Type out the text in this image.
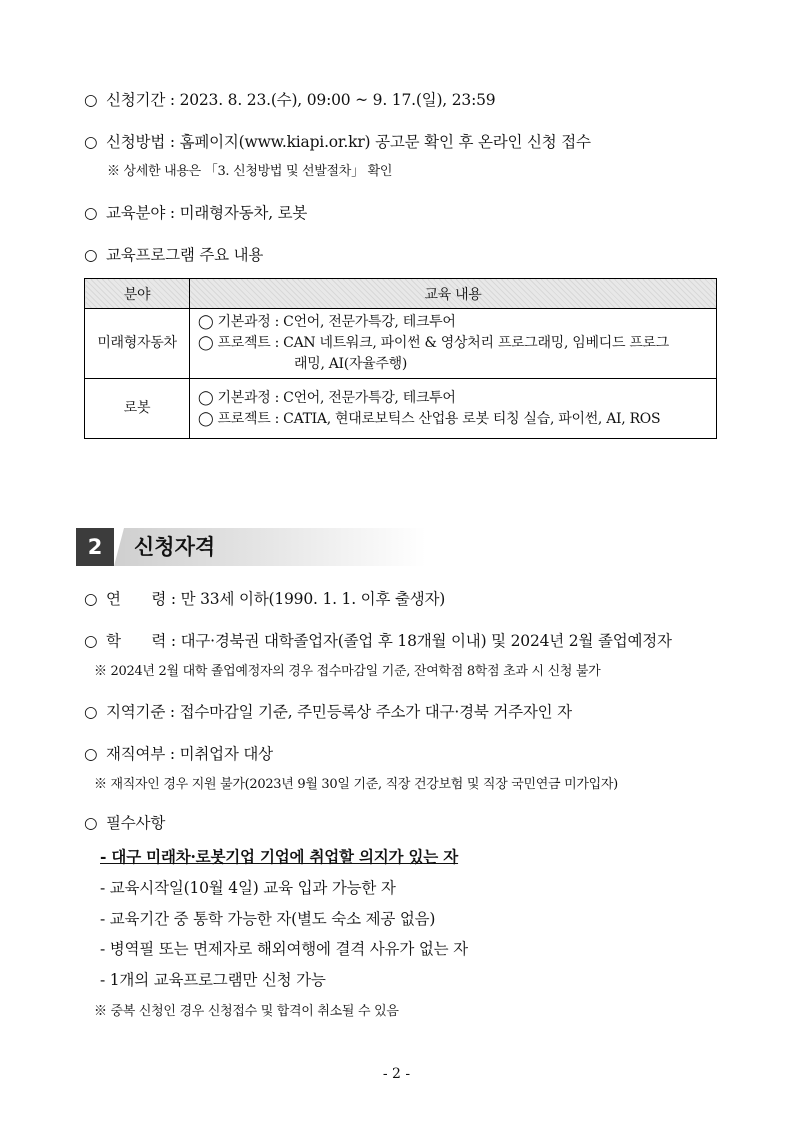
○ 신청기간 : 2023. 8. 23.(수), 09:00 ~ 9. 17.(일), 23:59
○ 신청방법 : 홈페이지(www.kiapi.or.kr) 공고문 확인 후 온라인 신청 접수
※ 상세한 내용은 「3. 신청방법 및 선발절차」 확인
○ 교육분야 : 미래형자동차, 로봇
○ 교육프로그램 주요 내용
분야	교육 내용
미래형자동차	◯ 기본과정 : C언어, 전문가특강, 테크투어
◯ 프로젝트 : CAN 네트워크, 파이썬 & 영상처리 프로그래밍, 임베디드 프로그
래밍, AI(자율주행)

로봇	◯ 기본과정 : C언어, 전문가특강, 테크투어
◯ 프로젝트 : CATIA, 현대로보틱스 산업용 로봇 티칭 실습, 파이썬, AI, ROS
2	신청자격
○ 연　　령 : 만 33세 이하(1990. 1. 1. 이후 출생자)
○ 학　　력 : 대구·경북권 대학졸업자(졸업 후 18개월 이내) 및 2024년 2월 졸업예정자
※ 2024년 2월 대학 졸업예정자의 경우 접수마감일 기준, 잔여학점 8학점 초과 시 신청 불가
○ 지역기준 : 접수마감일 기준, 주민등록상 주소가 대구·경북 거주자인 자
○ 재직여부 : 미취업자 대상
※ 재직자인 경우 지원 불가(2023년 9월 30일 기준, 직장 건강보험 및 직장 국민연금 미가입자)
○ 필수사항
- 대구 미래차·로봇기업 기업에 취업할 의지가 있는 자
- 교육시작일(10월 4일) 교육 입과 가능한 자
- 교육기간 중 통학 가능한 자(별도 숙소 제공 없음)
- 병역필 또는 면제자로 해외여행에 결격 사유가 없는 자
- 1개의 교육프로그램만 신청 가능
※ 중복 신청인 경우 신청접수 및 합격이 취소될 수 있음
- 2 -
